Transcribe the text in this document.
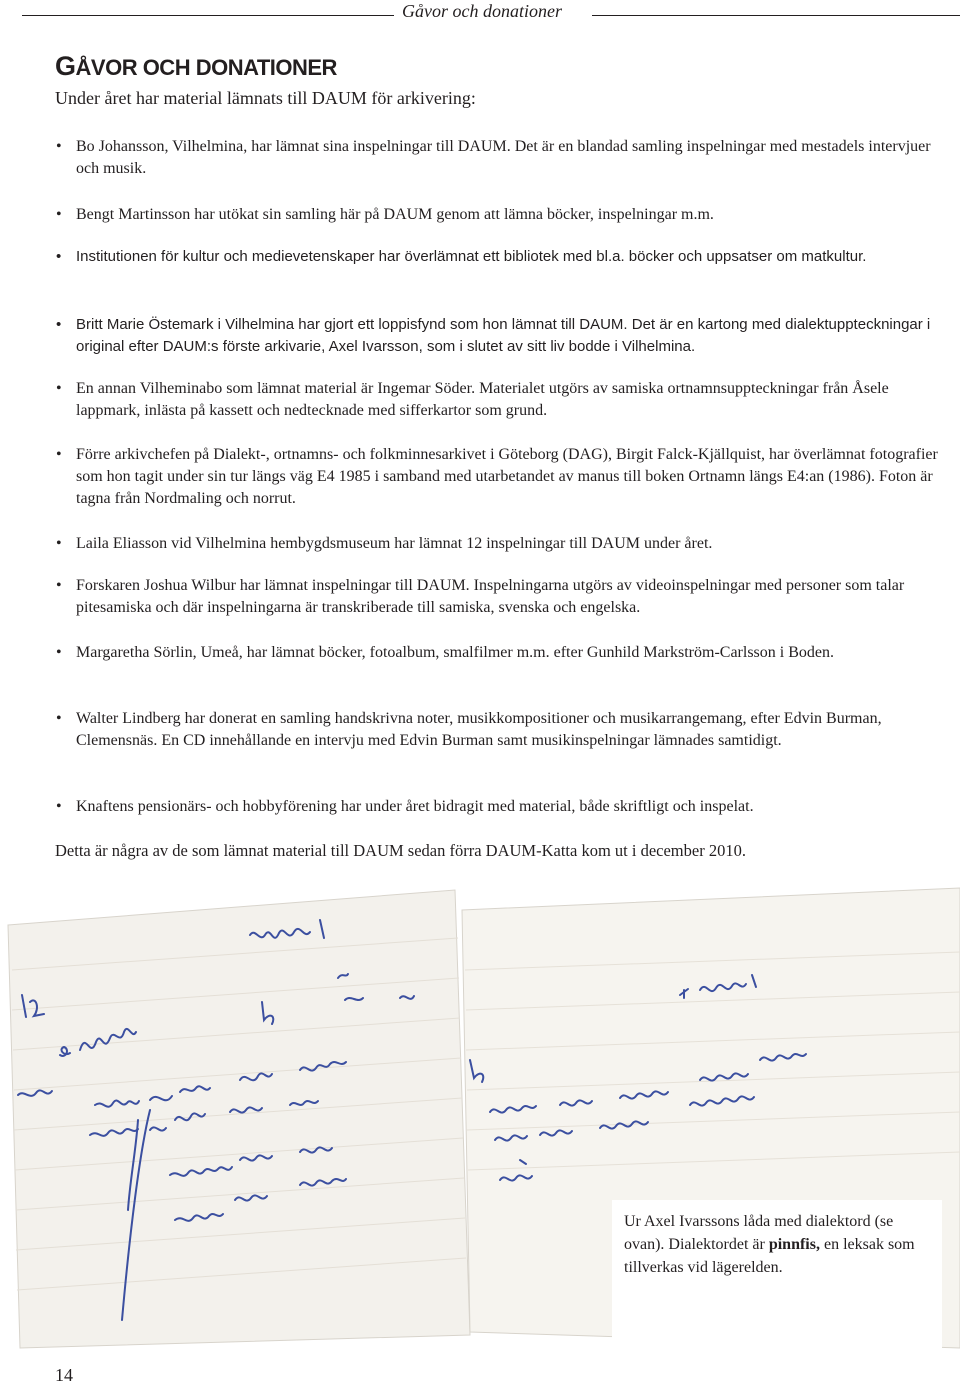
Gåvor och donationer
GÅVOR OCH DONATIONER
Under året har material lämnats till DAUM för arkivering:
• Bo Johansson, Vilhelmina, har lämnat sina inspelningar till DAUM. Det är en blandad samling inspelningar med mestadels intervjuer och musik.
• Bengt Martinsson har utökat sin samling här på DAUM genom att lämna böcker, inspelningar m.m.
• Institutionen för kultur och medievetenskaper har överlämnat ett bibliotek med bl.a. böcker och uppsatser om matkultur.
• Britt Marie Östemark i Vilhelmina har gjort ett loppisfynd som hon lämnat till DAUM. Det är en kartong med dialektuppteckningar i original efter DAUM:s förste arkivarie, Axel Ivarsson, som i slutet av sitt liv bodde i Vilhelmina.
• En annan Vilheminabo som lämnat material är Ingemar Söder. Materialet utgörs av samiska ortnamnsuppteckningar från Åsele lappmark, inlästa på kassett och nedtecknade med sifferkartor som grund.
• Förre arkivchefen på Dialekt-, ortnamns- och folkminnesarkivet i Göteborg (DAG), Birgit Falck-Kjällquist, har överlämnat fotografier som hon tagit under sin tur längs väg E4 1985 i samband med utarbetandet av manus till boken Ortnamn längs E4:an (1986). Foton är tagna från Nordmaling och norrut.
• Laila Eliasson vid Vilhelmina hembygdsmuseum har lämnat 12 inspelningar till DAUM under året.
• Forskaren Joshua Wilbur har lämnat inspelningar till DAUM. Inspelningarna utgörs av videoinspelningar med personer som talar pitesamiska och där inspelningarna är transkriberade till samiska, svenska och engelska.
• Margaretha Sörlin, Umeå, har lämnat böcker, fotoalbum, smalfilmer m.m. efter Gunhild Markström-Carlsson i Boden.
• Walter Lindberg har donerat en samling handskrivna noter, musikkompositioner och musikarrangemang, efter Edvin Burman, Clemensnäs. En CD innehållande en intervju med Edvin Burman samt musikinspelningar lämnades samtidigt.
• Knaftens pensionärs- och hobbyförening har under året bidragit med material, både skriftligt och inspelat.
Detta är några av de som lämnat material till DAUM sedan förra DAUM-Katta kom ut i december 2010.
Ur Axel Ivarssons låda med dialektord (se ovan). Dialektordet är pinnfis, en leksak som tillverkas vid lägerelden.
14
